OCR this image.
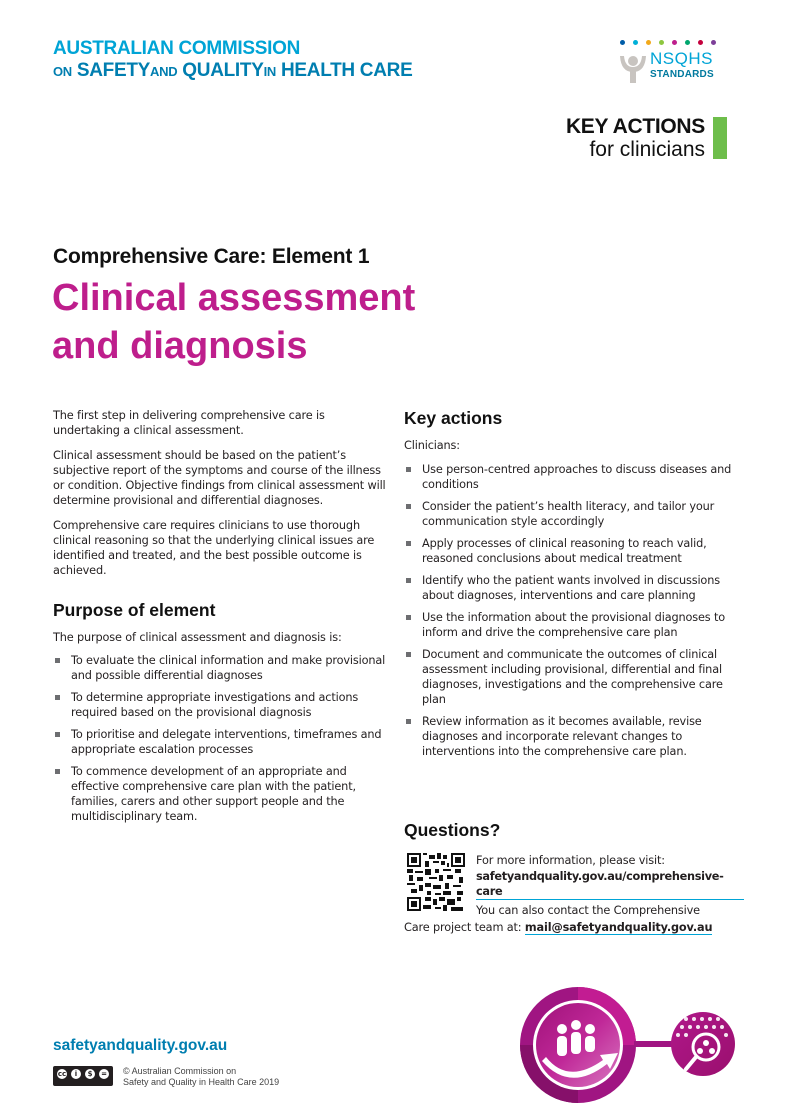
AUSTRALIAN COMMISSION
ON SAFETYAND QUALITYIN HEALTH CARE
NSQHS
STANDARDS
KEY ACTIONS
for clinicians
Comprehensive Care: Element 1
Clinical assessment
and diagnosis

The first step in delivering comprehensive care is undertaking a clinical assessment.

Clinical assessment should be based on the patient’s subjective report of the symptoms and course of the illness or condition. Objective findings from clinical assessment will determine provisional and differential diagnoses.

Comprehensive care requires clinicians to use thorough clinical reasoning so that the underlying clinical issues are identified and treated, and the best possible outcome is achieved.

Purpose of element

The purpose of clinical assessment and diagnosis is:

To evaluate the clinical information and make provisional and possible differential diagnoses
To determine appropriate investigations and actions required based on the provisional diagnosis
To prioritise and delegate interventions, timeframes and appropriate escalation processes
To commence development of an appropriate and effective comprehensive care plan with the patient, families, carers and other support people and the multidisciplinary team.
Key actions

Clinicians:

Use person-centred approaches to discuss diseases and conditions
Consider the patient’s health literacy, and tailor your communication style accordingly
Apply processes of clinical reasoning to reach valid, reasoned conclusions about medical treatment
Identify who the patient wants involved in discussions about diagnoses, interventions and care planning
Use the information about the provisional diagnoses to inform and drive the comprehensive care plan
Document and communicate the outcomes of clinical assessment including provisional, differential and final diagnoses, investigations and the comprehensive care plan
Review information as it becomes available, revise diagnoses and incorporate relevant changes to interventions into the comprehensive care plan.
Questions?
For more information, please visit:
safetyandquality.gov.au/comprehensive-care
You can also contact the Comprehensive
Care project team at: mail@safetyandquality.gov.au
safetyandquality.gov.au
cc	i	$	=	© Australian Commission on
Safety and Quality in Health Care 2019
